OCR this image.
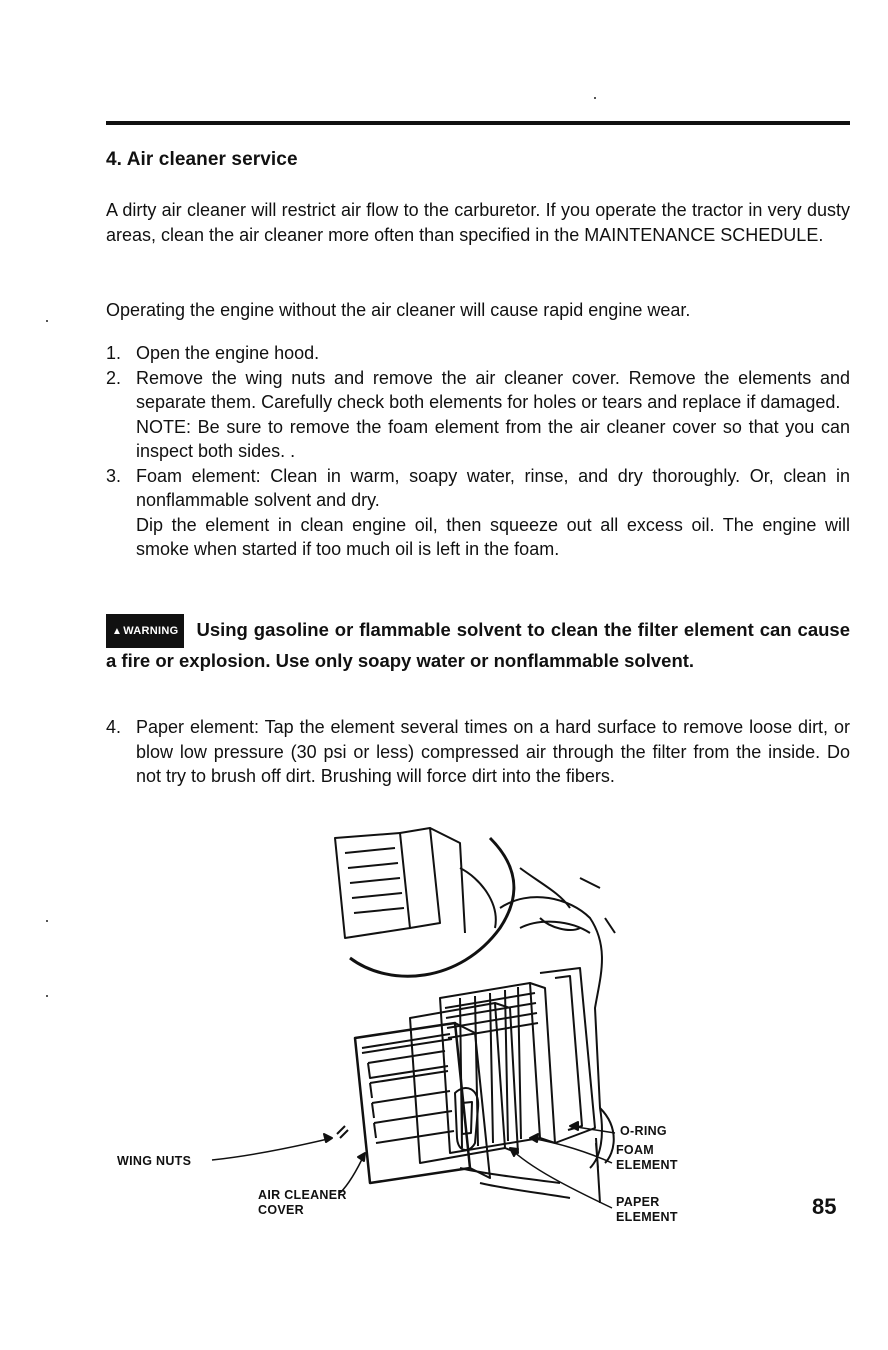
4. Air cleaner service
A dirty air cleaner will restrict air flow to the carburetor. If you operate the tractor in very dusty areas, clean the air cleaner more often than specified in the MAINTENANCE SCHEDULE.
Operating the engine without the air cleaner will cause rapid engine wear.
1. Open the engine hood.

2. Remove the wing nuts and remove the air cleaner cover. Remove the elements and separate them. Carefully check both elements for holes or tears and replace if damaged.

NOTE: Be sure to remove the foam element from the air cleaner cover so that you can inspect both sides. .

3. Foam element: Clean in warm, soapy water, rinse, and dry thoroughly. Or, clean in nonflammable solvent and dry.

Dip the element in clean engine oil, then squeeze out all excess oil. The engine will smoke when started if too much oil is left in the foam.

▲WARNING Using gasoline or flammable solvent to clean the filter element can cause a fire or explosion. Use only soapy water or nonflammable solvent.
4. Paper element: Tap the element several times on a hard surface to remove loose dirt, or blow low pressure (30 psi or less) compressed air through the filter from the inside. Do not try to brush off dirt. Brushing will force dirt into the fibers.

WING NUTS
AIR CLEANER
COVER
O-RING
FOAM
ELEMENT
PAPER
ELEMENT	85
